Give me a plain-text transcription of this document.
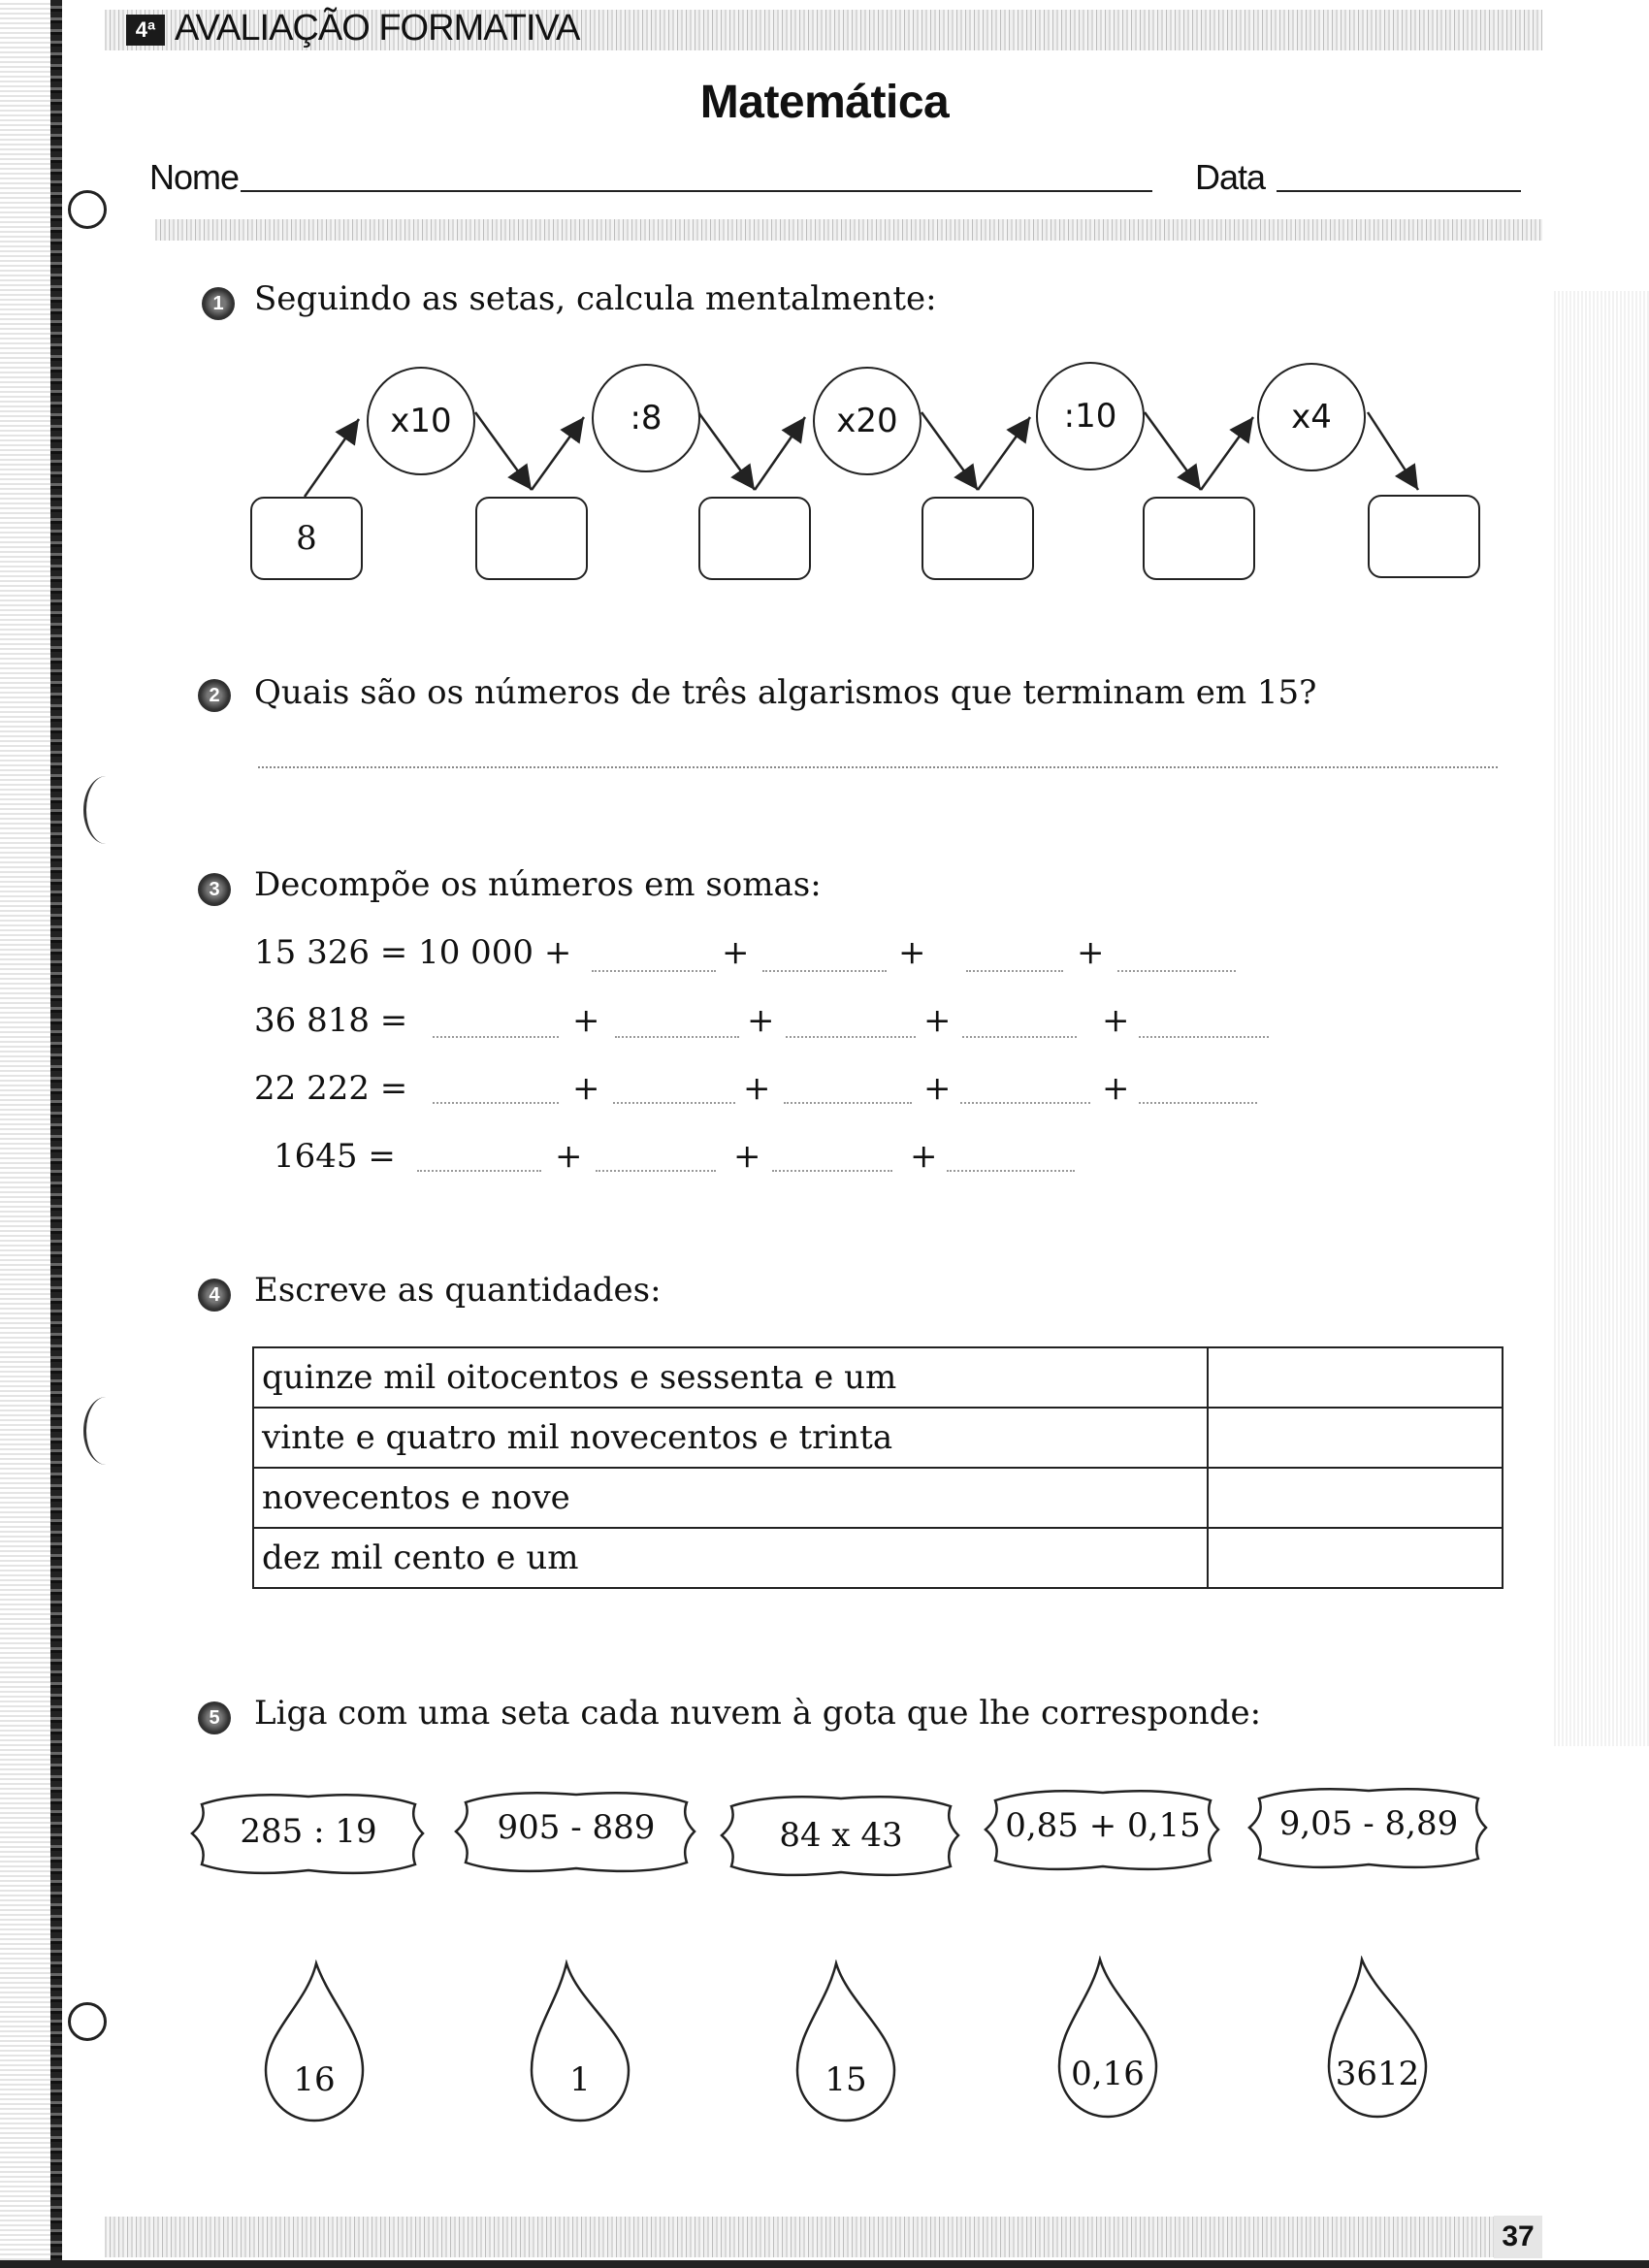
4ª AVALIAÇÃO FORMATIVA
Matemática
Nome	Data
1 Seguindo as setas, calcula mentalmente:
x10	:8	x20	:10	x4
8
2	Quais são os números de três algarismos que terminam em 15?
3	Decompõe os números em somas:
15 326 = 10 000 +	+	+	+
36 818 =	+	+	+	+
22 222 =	+	+	+	+
1645 =	+	+	+
4	Escreve as quantidades:
quinze mil oitocentos e sessenta e um	
vinte e quatro mil novecentos e trinta	
novecentos e nove	
dez mil cento e um	
5	Liga com uma seta cada nuvem à gota que lhe corresponde:
285 : 19	905 - 889	84 x 43	0,85 + 0,15	9,05 - 8,89
16	1	15	0,16	3612
37
